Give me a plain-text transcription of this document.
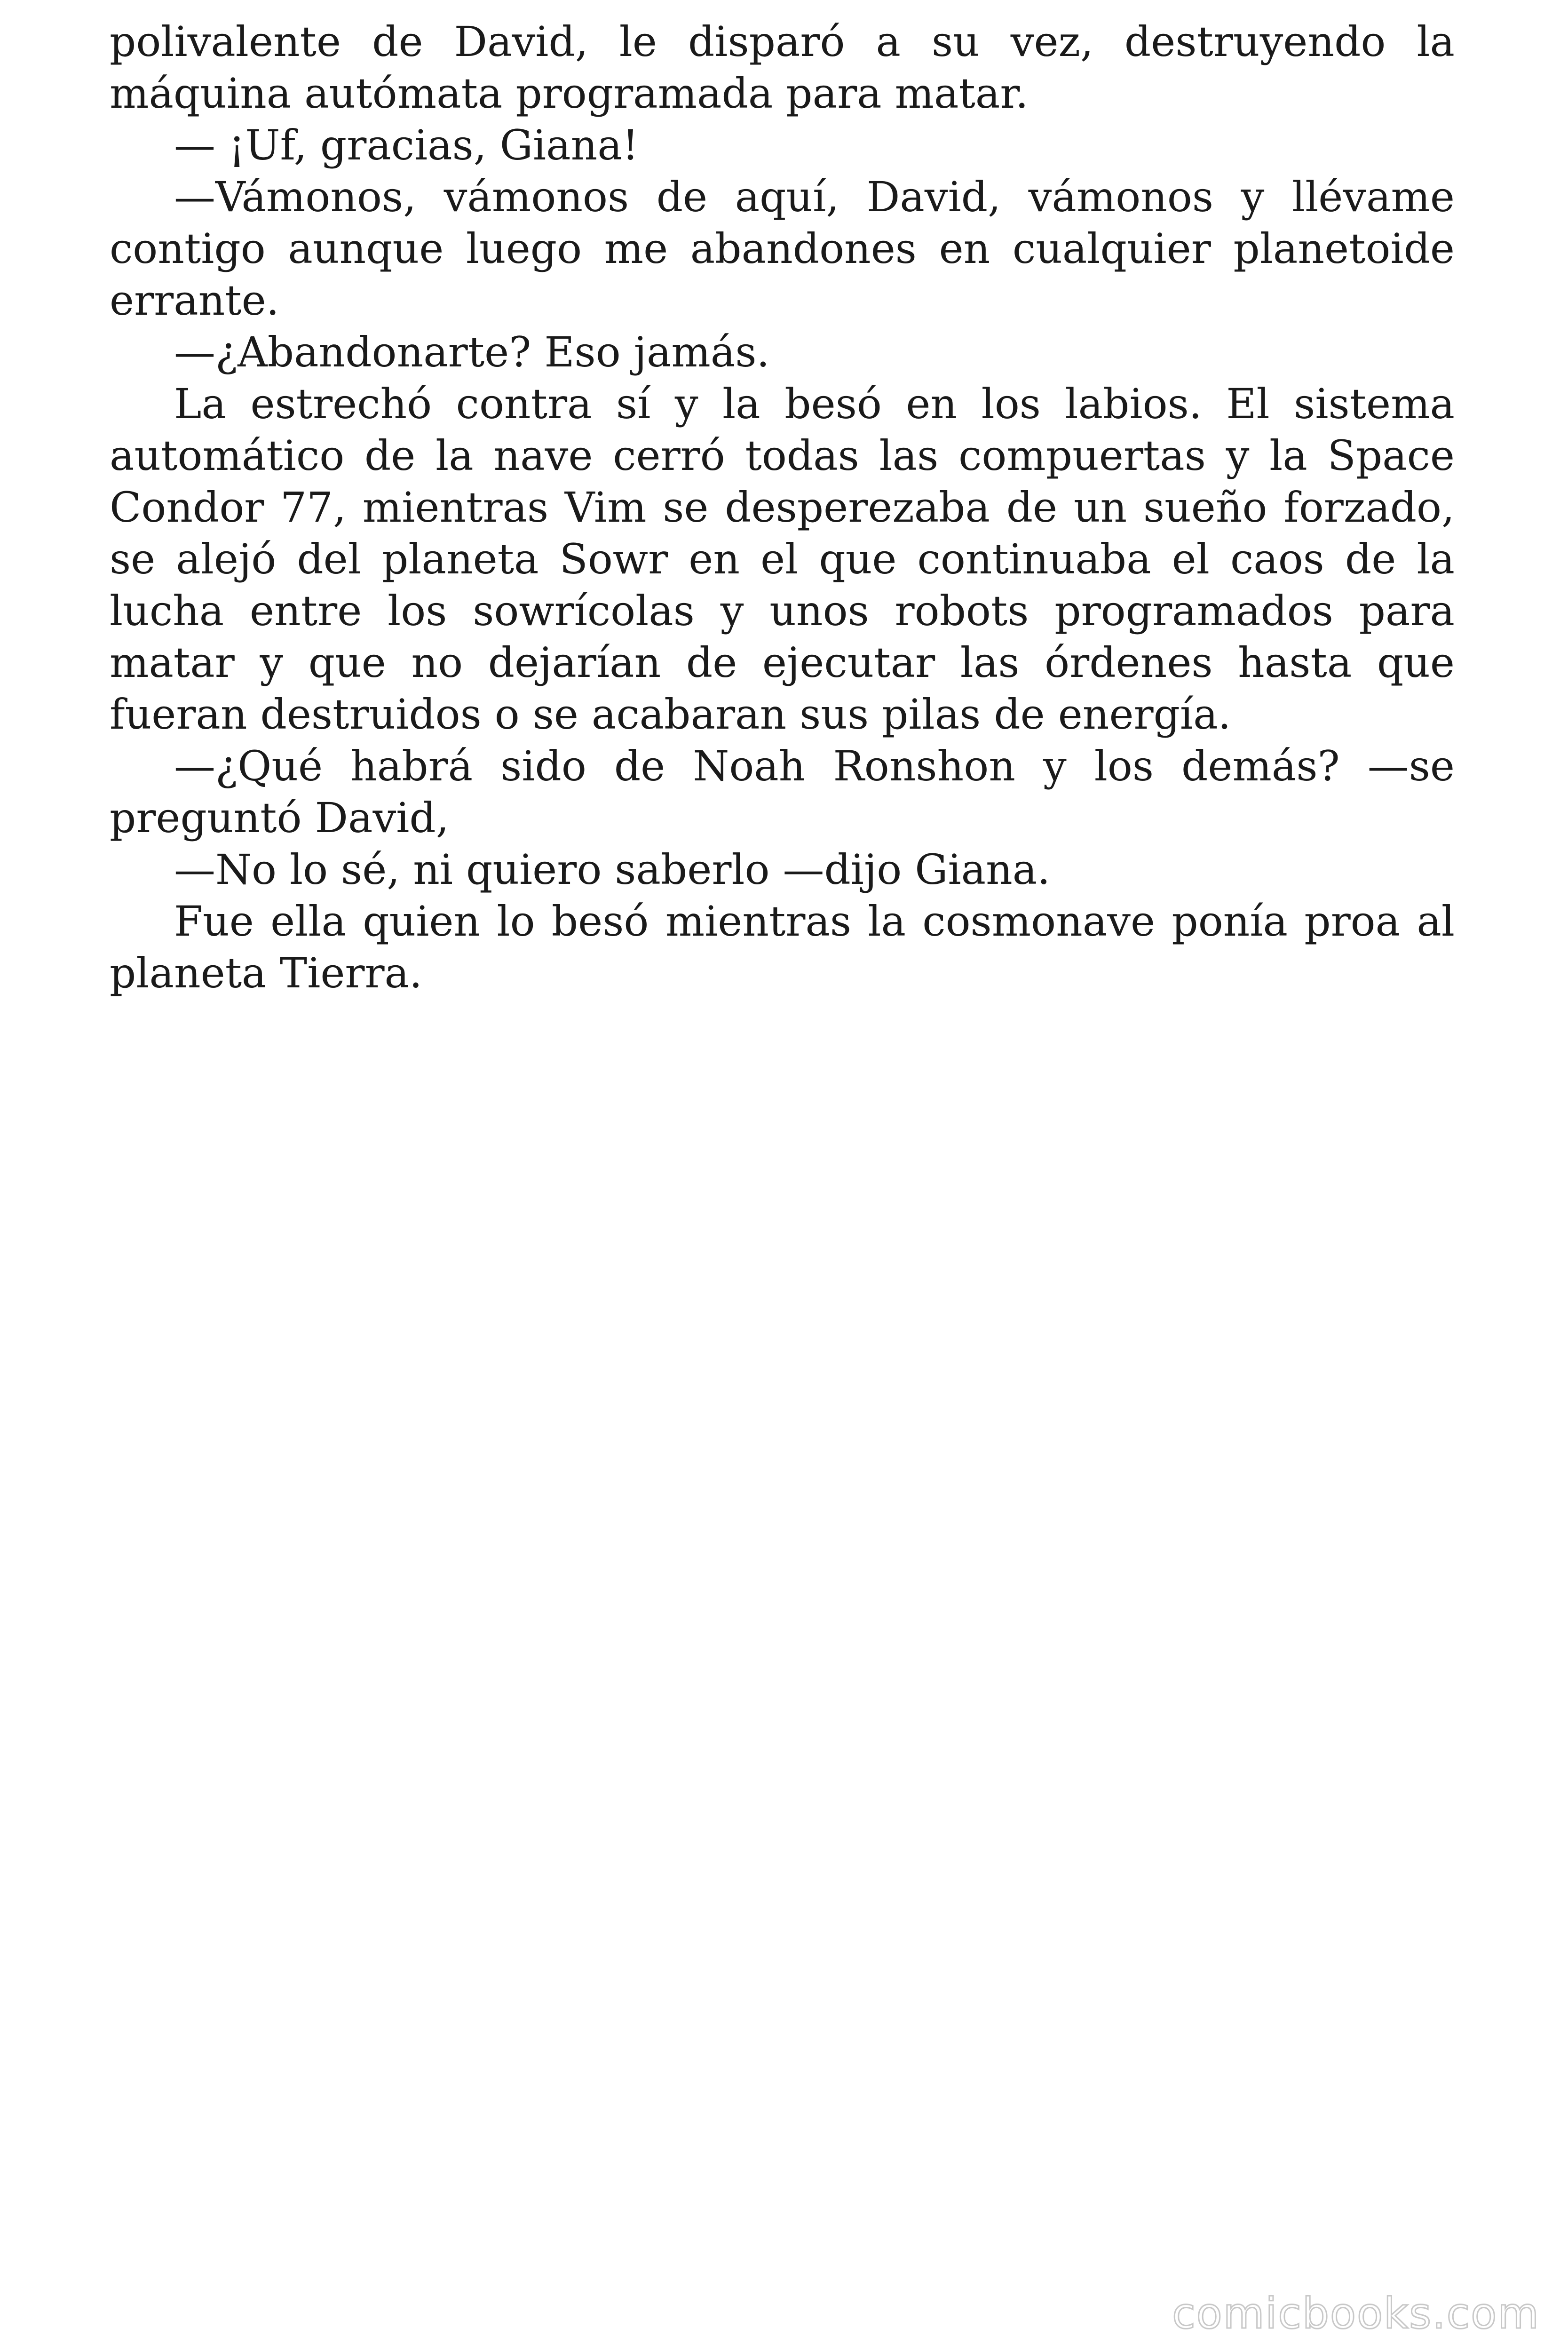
polivalente de David, le disparó a su vez, destruyendo la máquina autómata programada para matar.

— ¡Uf, gracias, Giana!

—Vámonos, vámonos de aquí, David, vámonos y llévame contigo aunque luego me abandones en cualquier planetoide errante.

—¿Abandonarte? Eso jamás.

La estrechó contra sí y la besó en los labios. El sistema automático de la nave cerró todas las compuertas y la Space Condor 77, mientras Vim se desperezaba de un sueño forzado, se alejó del planeta Sowr en el que continuaba el caos de la lucha entre los sowrícolas y unos robots programados para matar y que no dejarían de ejecutar las órdenes hasta que fueran destruidos o se acabaran sus pilas de energía.

—¿Qué habrá sido de Noah Ronshon y los demás? —se preguntó David,

—No lo sé, ni quiero saberlo —dijo Giana.

Fue ella quien lo besó mientras la cosmonave ponía proa al planeta Tierra.

comicbooks.com
